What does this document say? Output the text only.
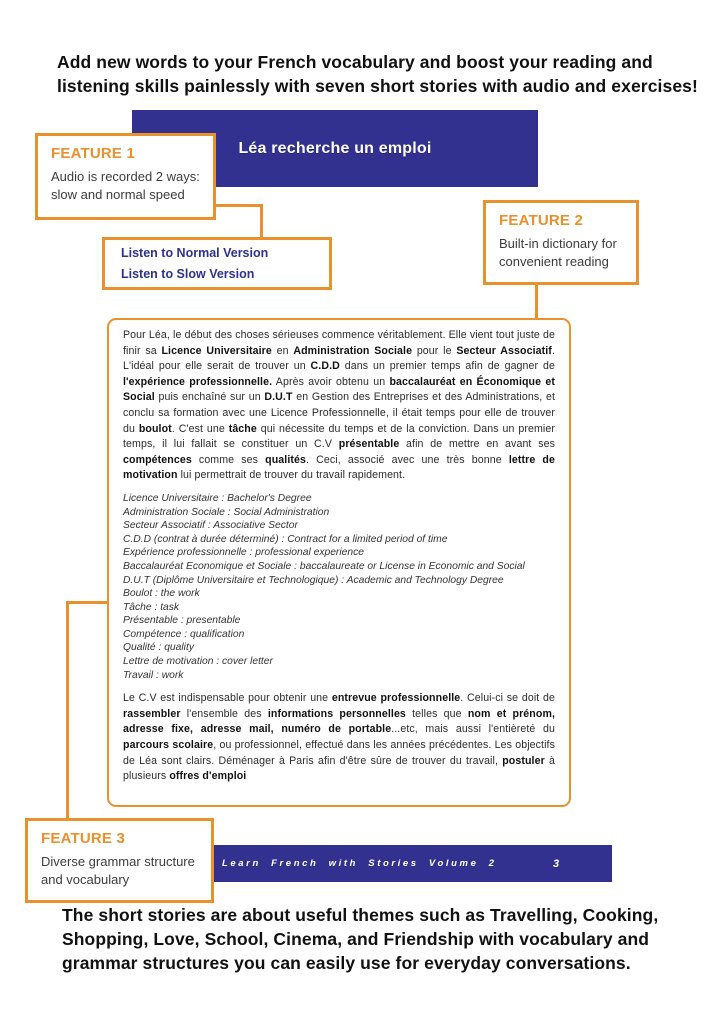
Add new words to your French vocabulary and boost your reading and listening skills painlessly with seven short stories with audio and exercises!
Léa recherche un emploi
FEATURE 1
Audio is recorded 2 ways: slow and normal speed
Listen to Normal Version
Listen to Slow Version
FEATURE 2
Built-in dictionary for convenient reading
Pour Léa, le début des choses sérieuses commence véritablement. Elle vient tout juste de finir sa Licence Universitaire en Administration Sociale pour le Secteur Associatif. L'idéal pour elle serait de trouver un C.D.D dans un premier temps afin de gagner de l'expérience professionnelle. Après avoir obtenu un baccalauréat en Économique et Social puis enchaîné sur un D.U.T en Gestion des Entreprises et des Administrations, et conclu sa formation avec une Licence Professionnelle, il était temps pour elle de trouver du boulot. C'est une tâche qui nécessite du temps et de la conviction. Dans un premier temps, il lui fallait se constituer un C.V présentable afin de mettre en avant ses compétences comme ses qualités. Ceci, associé avec une très bonne lettre de motivation lui permettrait de trouver du travail rapidement.
Licence Universitaire : Bachelor's Degree
Administration Sociale : Social Administration
Secteur Associatif : Associative Sector
C.D.D (contrat à durée déterminé) : Contract for a limited period of time
Expérience professionnelle : professional experience
Baccalauréat Economique et Sociale : baccalaureate or License in Economic and Social
D.U.T (Diplôme Universitaire et Technologique) : Academic and Technology Degree
Boulot : the work
Tâche : task
Présentable : presentable
Compétence : qualification
Qualité : quality
Lettre de motivation : cover letter
Travail : work
Le C.V est indispensable pour obtenir une entrevue professionnelle. Celui-ci se doit de rassembler l'ensemble des informations personnelles telles que nom et prénom, adresse fixe, adresse mail, numéro de portable...etc, mais aussi l'entièreté du parcours scolaire, ou professionnel, effectué dans les années précédentes. Les objectifs de Léa sont clairs. Déménager à Paris afin d'être sûre de trouver du travail, postuler à plusieurs offres d'emploi
FEATURE 3
Diverse grammar structure and vocabulary
Learn French with Stories Volume 2	3
The short stories are about useful themes such as Travelling, Cooking, Shopping, Love, School, Cinema, and Friendship with vocabulary and grammar structures you can easily use for everyday conversations.
